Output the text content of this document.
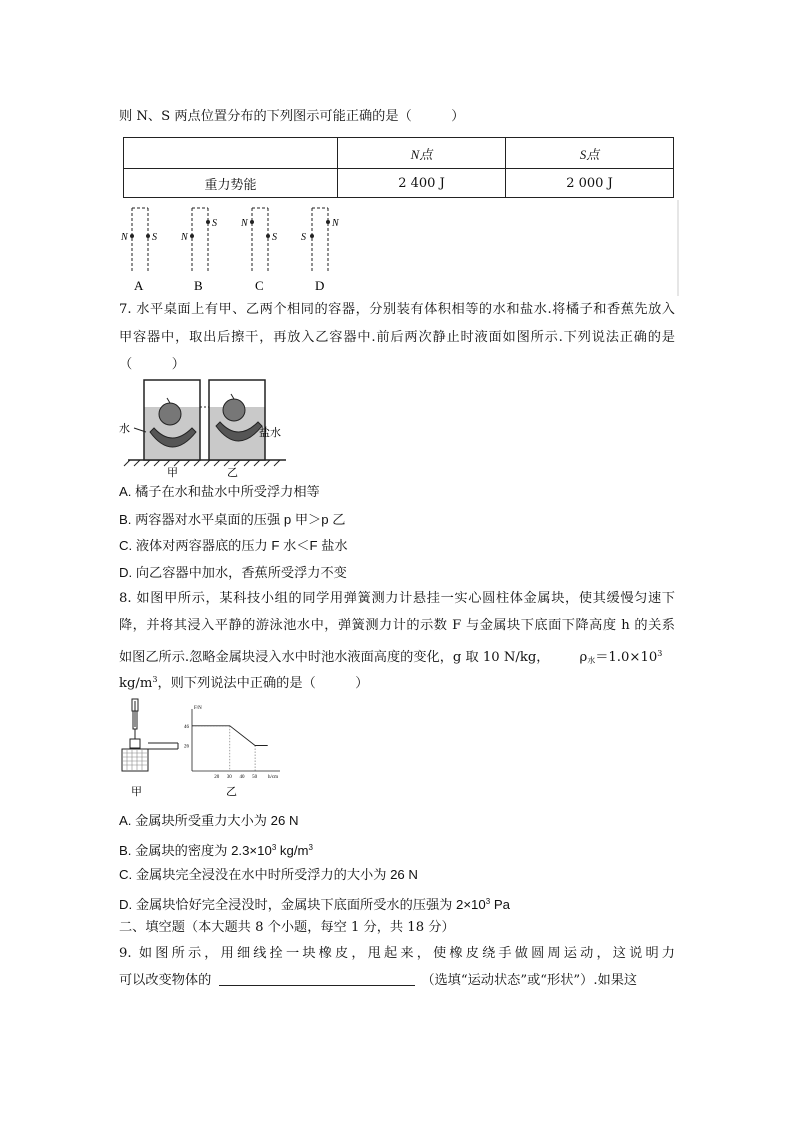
则 N、S 两点位置分布的下列图示可能正确的是（　　　）
	N点	S点
重力势能	2 400 J	2 000 J
N S
A
N
S
B
N
S
C
S
N
D
7. 水平桌面上有甲、乙两个相同的容器，分别装有体积相等的水和盐水.将橘子和香蕉先放入
甲容器中，取出后擦干，再放入乙容器中.前后两次静止时液面如图所示.下列说法正确的是
（　　　）
水	盐水
甲	乙
A. 橘子在水和盐水中所受浮力相等
B. 两容器对水平桌面的压强 p 甲＞p 乙
C. 液体对两容器底的压力 F 水＜F 盐水
D. 向乙容器中加水，香蕉所受浮力不变
8. 如图甲所示，某科技小组的同学用弹簧测力计悬挂一实心圆柱体金属块，使其缓慢匀速下
降，并将其浸入平静的游泳池水中，弹簧测力计的示数 F 与金属块下底面下降高度 h 的关系
如图乙所示.忽略金属块浸入水中时池水液面高度的变化，g 取 10 N/kg， $\rho_水=1.0\times 10^3$
$kg/m^3$，则下列说法中正确的是（　　　）
甲
F/N
h/cm
46
26
20 30 40 50
乙
A. 金属块所受重力大小为 26 N
B. 金属块的密度为 $2.3\times 10^3$ $kg/m^3$
C. 金属块完全浸没在水中时所受浮力的大小为 26 N
D. 金属块恰好完全浸没时，金属块下底面所受水的压强为 $2\times 10^3$ Pa
二、填空题（本大题共 8 个小题，每空 1 分，共 18 分）
9. 如图所示，用细线拴一块橡皮，甩起来，使橡皮绕手做圆周运动，这说明力
可以改变物体的	（选填“运动状态”或“形状”）.如果这
